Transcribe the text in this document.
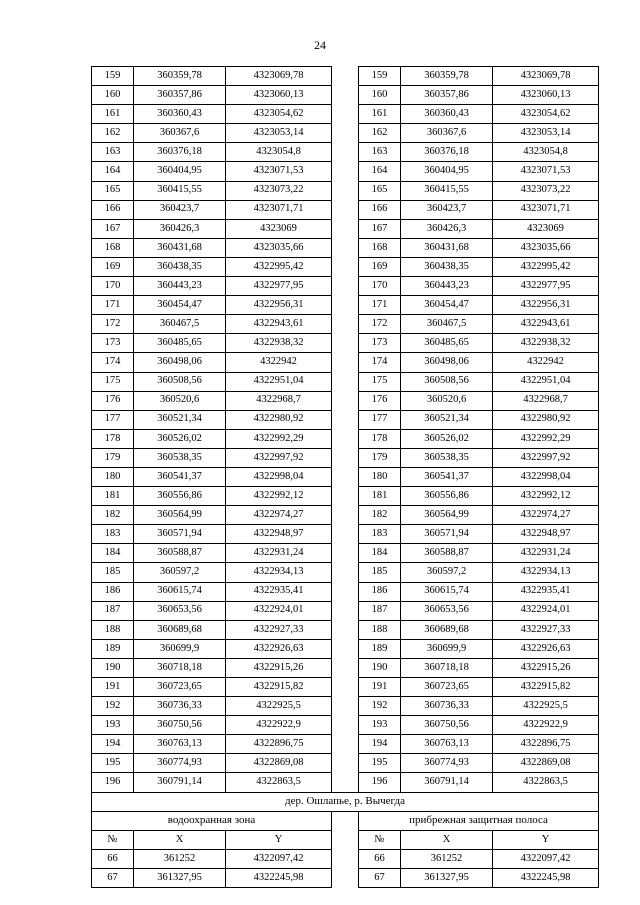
24
159	360359,78	4323069,78		159	360359,78	4323069,78
160	360357,86	4323060,13		160	360357,86	4323060,13
161	360360,43	4323054,62		161	360360,43	4323054,62
162	360367,6	4323053,14		162	360367,6	4323053,14
163	360376,18	4323054,8		163	360376,18	4323054,8
164	360404,95	4323071,53		164	360404,95	4323071,53
165	360415,55	4323073,22		165	360415,55	4323073,22
166	360423,7	4323071,71		166	360423,7	4323071,71
167	360426,3	4323069		167	360426,3	4323069
168	360431,68	4323035,66		168	360431,68	4323035,66
169	360438,35	4322995,42		169	360438,35	4322995,42
170	360443,23	4322977,95		170	360443,23	4322977,95
171	360454,47	4322956,31		171	360454,47	4322956,31
172	360467,5	4322943,61		172	360467,5	4322943,61
173	360485,65	4322938,32		173	360485,65	4322938,32
174	360498,06	4322942		174	360498,06	4322942
175	360508,56	4322951,04		175	360508,56	4322951,04
176	360520,6	4322968,7		176	360520,6	4322968,7
177	360521,34	4322980,92		177	360521,34	4322980,92
178	360526,02	4322992,29		178	360526,02	4322992,29
179	360538,35	4322997,92		179	360538,35	4322997,92
180	360541,37	4322998,04		180	360541,37	4322998,04
181	360556,86	4322992,12		181	360556,86	4322992,12
182	360564,99	4322974,27		182	360564,99	4322974,27
183	360571,94	4322948,97		183	360571,94	4322948,97
184	360588,87	4322931,24		184	360588,87	4322931,24
185	360597,2	4322934,13		185	360597,2	4322934,13
186	360615,74	4322935,41		186	360615,74	4322935,41
187	360653,56	4322924,01		187	360653,56	4322924,01
188	360689,68	4322927,33		188	360689,68	4322927,33
189	360699,9	4322926,63		189	360699,9	4322926,63
190	360718,18	4322915,26		190	360718,18	4322915,26
191	360723,65	4322915,82		191	360723,65	4322915,82
192	360736,33	4322925,5		192	360736,33	4322925,5
193	360750,56	4322922,9		193	360750,56	4322922,9
194	360763,13	4322896,75		194	360763,13	4322896,75
195	360774,93	4322869,08		195	360774,93	4322869,08
196	360791,14	4322863,5		196	360791,14	4322863,5
дер. Ошлапье, р. Вычегда						
водоохранная зона				прибрежная защитная полоса		
№	X	Y		№	X	Y
66	361252	4322097,42		66	361252	4322097,42
67	361327,95	4322245,98		67	361327,95	4322245,98
